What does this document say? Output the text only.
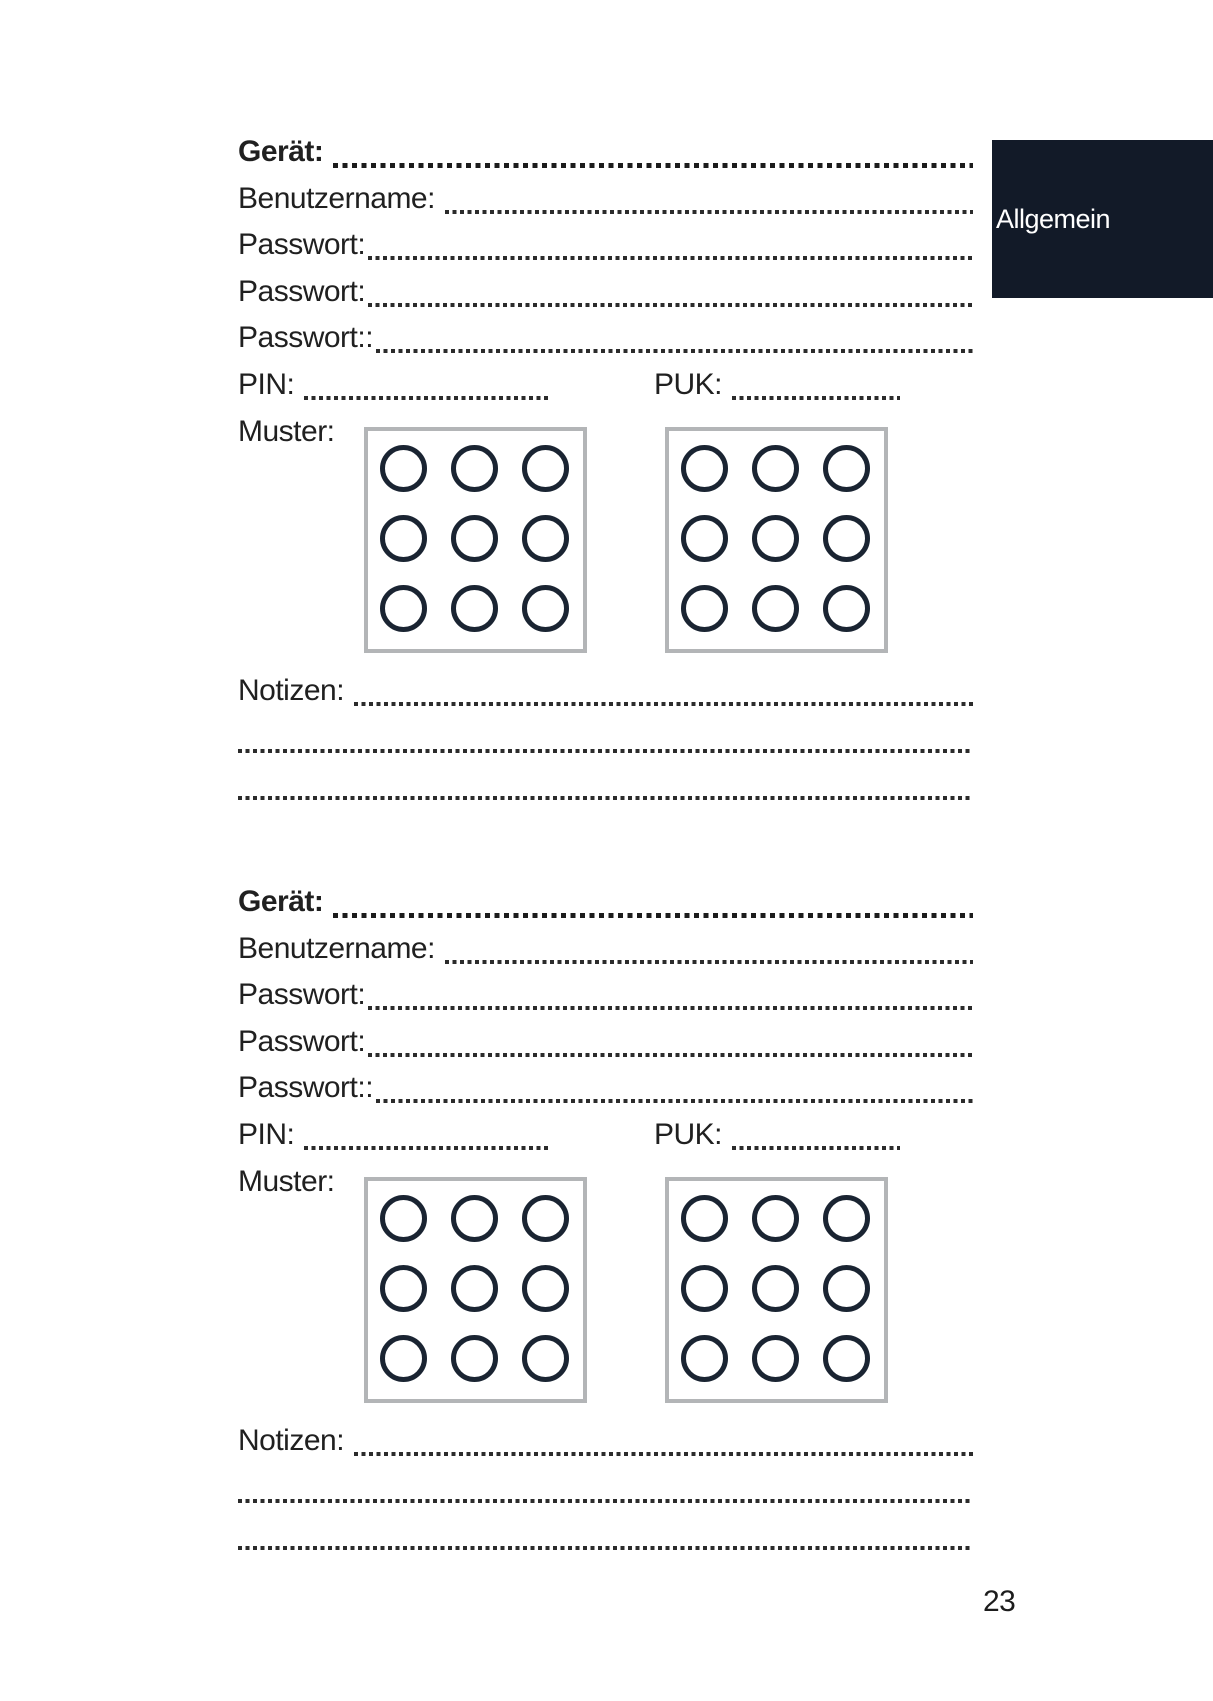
Allgemein
Gerät:
Benutzername:
Passwort:
Passwort:
Passwort::
PIN:	PUK:
Muster:
Notizen:
Gerät:
Benutzername:
Passwort:
Passwort:
Passwort::
PIN:	PUK:
Muster:
Notizen:
23
